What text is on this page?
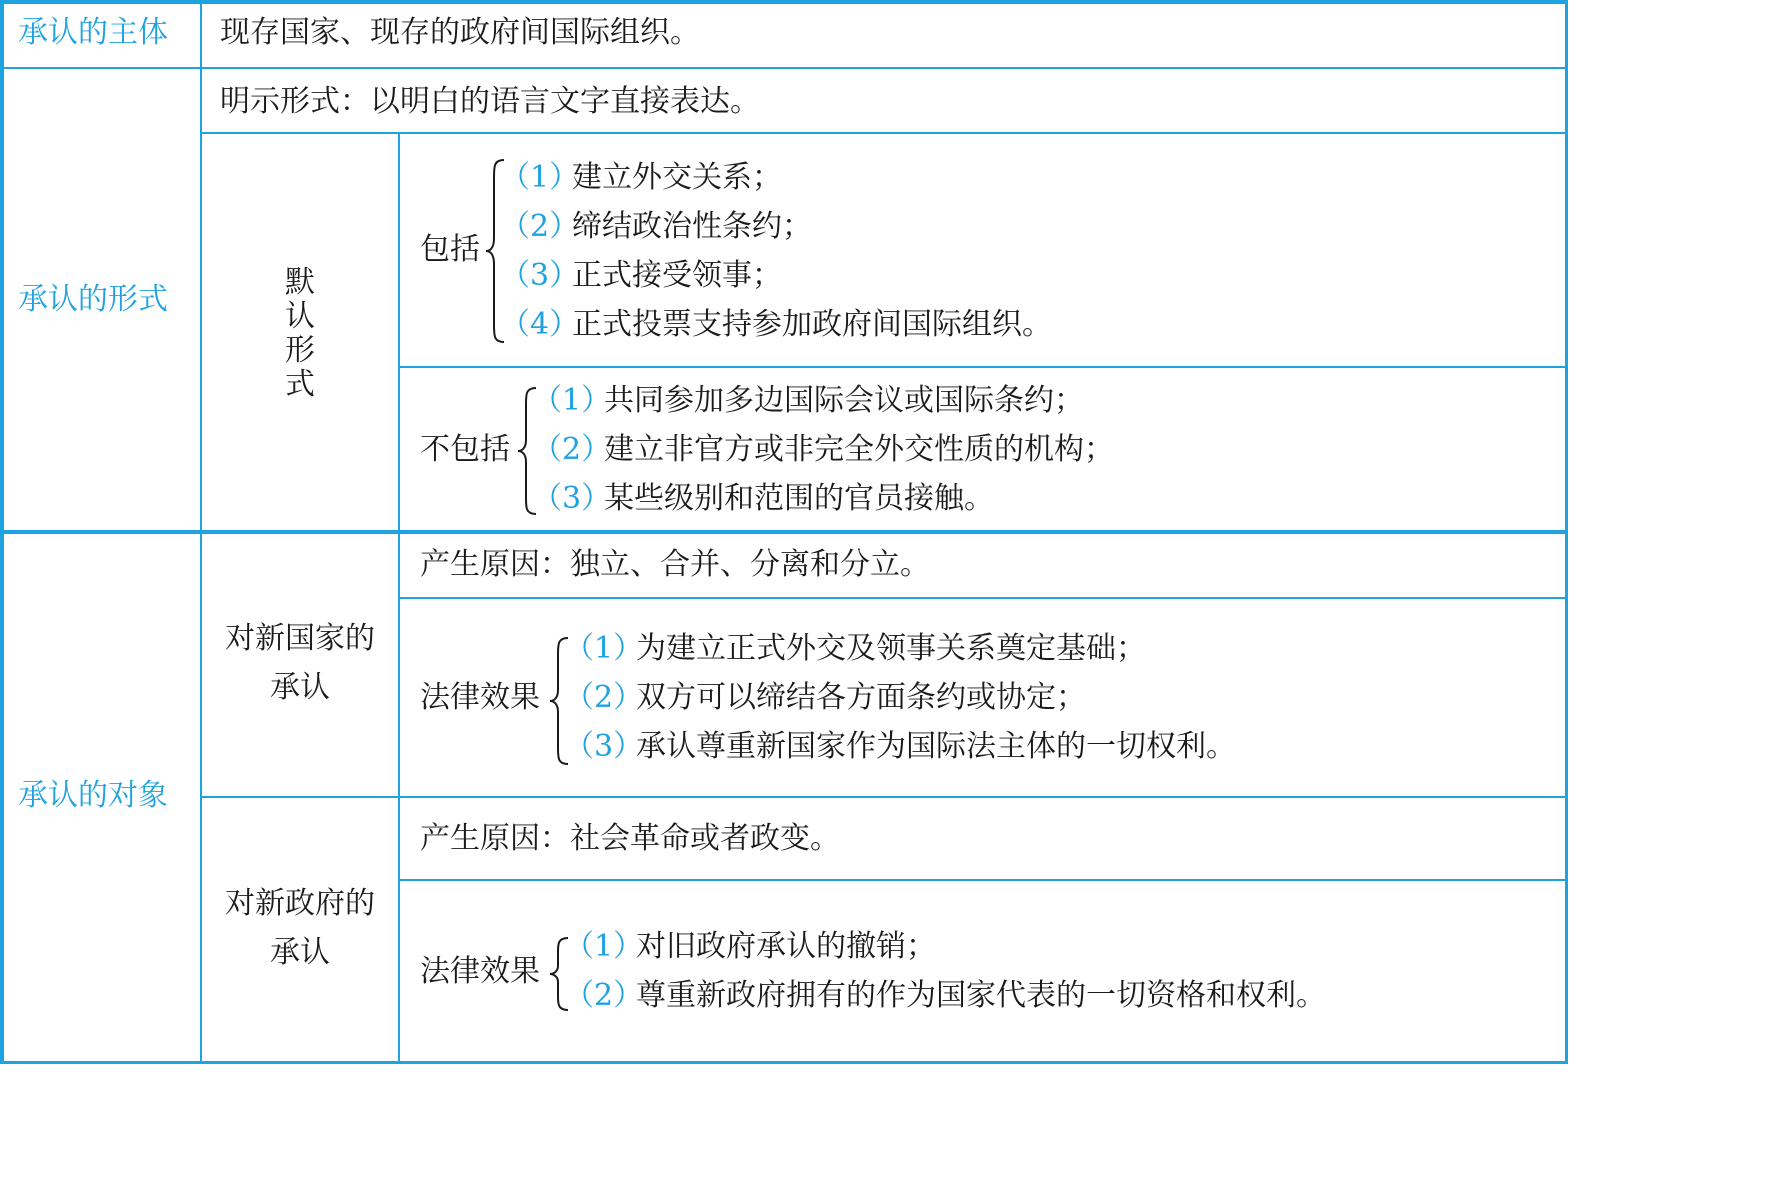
承认的主体 现存国家、现存的政府间国际组织。
承认的形式
明示形式：以明白的语言文字直接表达。
默
认
形
式
包括
（1）建立外交关系；
（2）缔结政治性条约；
（3）正式接受领事；
（4）正式投票支持参加政府间国际组织。
不包括
（1）共同参加多边国际会议或国际条约；
（2）建立非官方或非完全外交性质的机构；
（3）某些级别和范围的官员接触。
承认的对象
对新国家的
承认
产生原因：独立、合并、分离和分立。
法律效果
（1）为建立正式外交及领事关系奠定基础；
（2）双方可以缔结各方面条约或协定；
（3）承认尊重新国家作为国际法主体的一切权利。
对新政府的
承认
产生原因：社会革命或者政变。
法律效果
（1）对旧政府承认的撤销；
（2）尊重新政府拥有的作为国家代表的一切资格和权利。
